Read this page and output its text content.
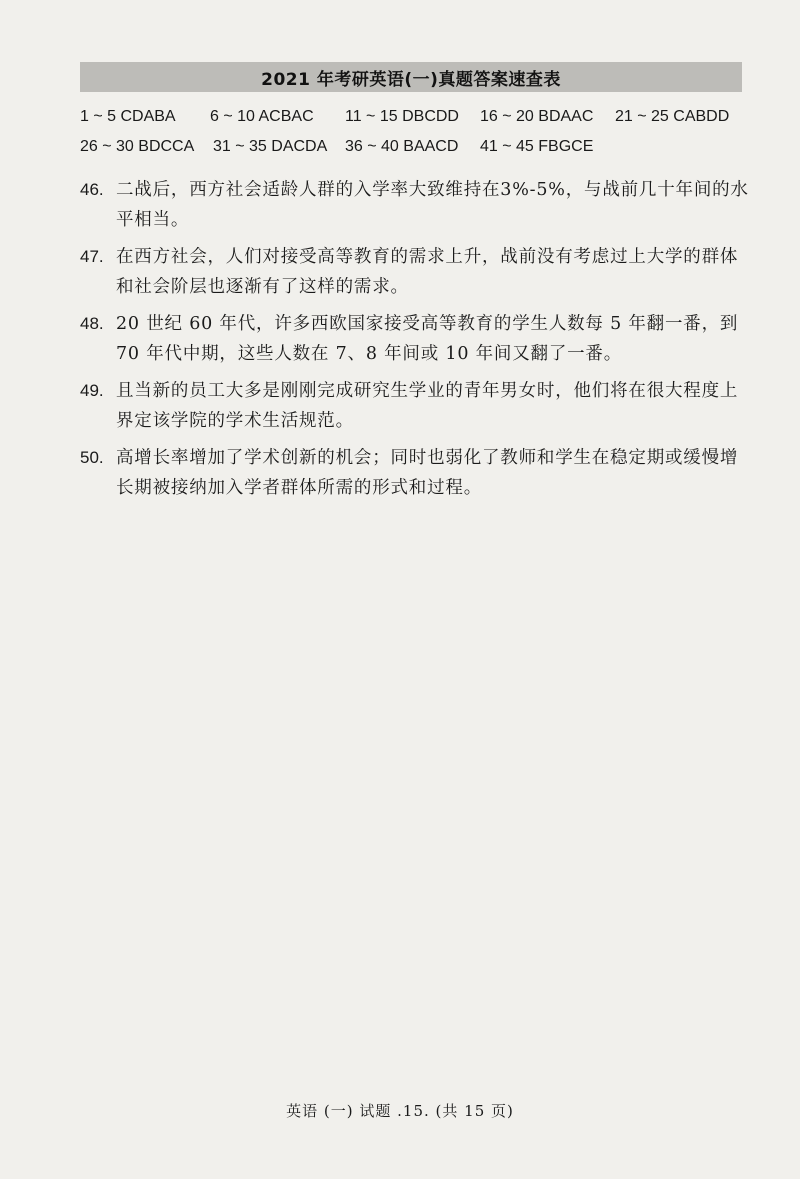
2021 年考研英语(一)真题答案速查表
1 ~ 5 CDABA 6 ~ 10 ACBAC 11 ~ 15 DBCDD 16 ~ 20 BDAAC 21 ~ 25 CABDD
26 ~ 30 BDCCA 31 ~ 35 DACDA 36 ~ 40 BAACD 41 ~ 45 FBGCE
46. 二战后，西方社会适龄人群的入学率大致维持在3%-5%，与战前几十年间的水平相当。
47. 在西方社会，人们对接受高等教育的需求上升，战前没有考虑过上大学的群体和社会阶层也逐渐有了这样的需求。
48. 20 世纪 60 年代，许多西欧国家接受高等教育的学生人数每 5 年翻一番，到 70 年代中期，这些人数在 7、8 年间或 10 年间又翻了一番。
49. 且当新的员工大多是刚刚完成研究生学业的青年男女时，他们将在很大程度上界定该学院的学术生活规范。
50. 高增长率增加了学术创新的机会；同时也弱化了教师和学生在稳定期或缓慢增长期被接纳加入学者群体所需的形式和过程。
英语 (一) 试题 .15. (共 15 页)
